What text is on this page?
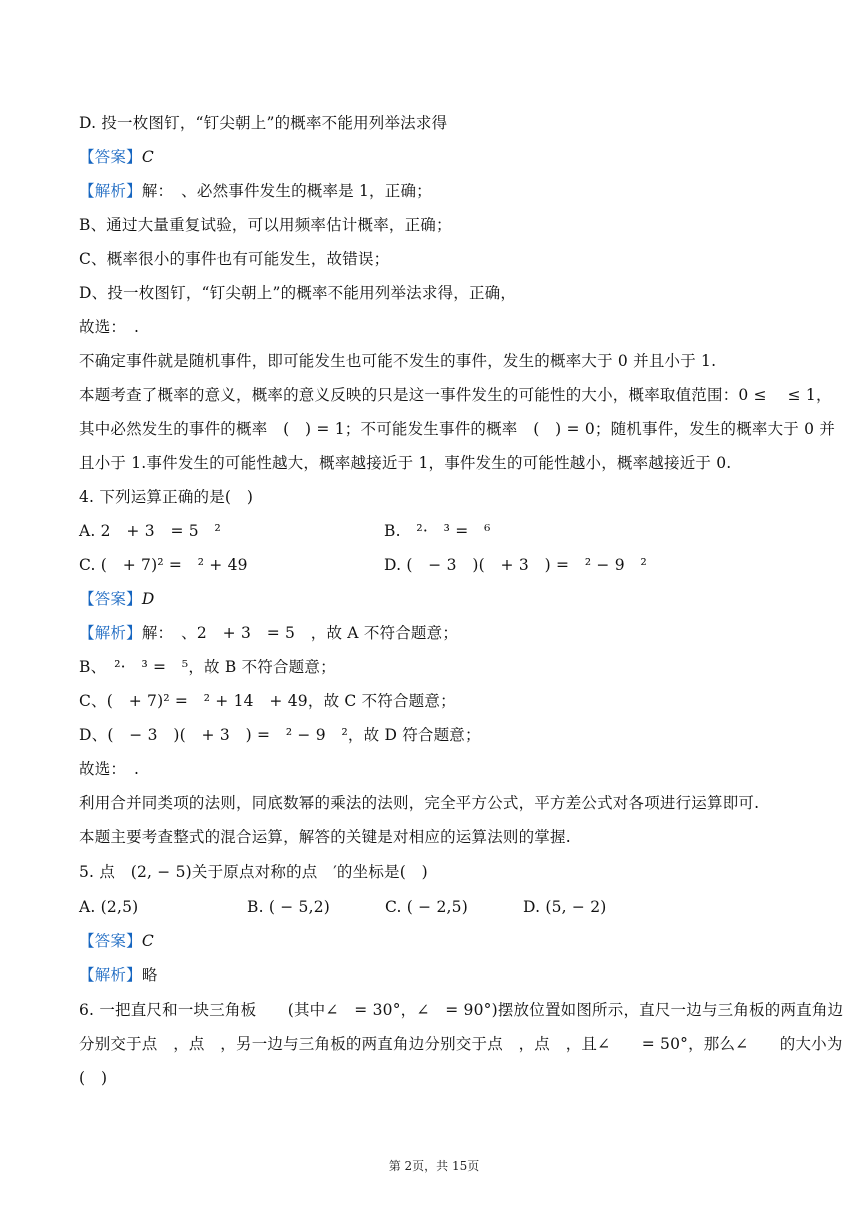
D. 投一枚图钉，“钉尖朝上”的概率不能用列举法求得
【答案】C
【解析】解：　、必然事件发生的概率是 1，正确；
B、通过大量重复试验，可以用频率估计概率，正确；
C、概率很小的事件也有可能发生，故错误；
D、投一枚图钉，“钉尖朝上”的概率不能用列举法求得，正确，
故选：　.
不确定事件就是随机事件，即可能发生也可能不发生的事件，发生的概率大于 0 并且小于 1.
本题考查了概率的意义，概率的意义反映的只是这一事件发生的可能性的大小，概率取值范围：0 ≤　 ≤ 1，
其中必然发生的事件的概率　(　) = 1；不可能发生事件的概率　(　) = 0；随机事件，发生的概率大于 0 并
且小于 1.事件发生的可能性越大，概率越接近于 1，事件发生的可能性越小，概率越接近于 0.
4. 下列运算正确的是(　)
A. 2　+ 3　= 5　²	B.　²·　³ =　⁶
C. (　+ 7)² =　² + 49	D. (　− 3　)(　+ 3　) =　² − 9　²
【答案】D
【解析】解：　、2　+ 3　= 5　，故 A 不符合题意；
B、　²·　³ =　⁵，故 B 不符合题意；
C、(　+ 7)² =　² + 14　+ 49，故 C 不符合题意；
D、(　− 3　)(　+ 3　) =　² − 9　²，故 D 符合题意；
故选：　.
利用合并同类项的法则，同底数幂的乘法的法则，完全平方公式，平方差公式对各项进行运算即可.
本题主要考查整式的混合运算，解答的关键是对相应的运算法则的掌握.
5. 点　(2, − 5)关于原点对称的点　′的坐标是(　)
A. (2,5)	B. ( − 5,2)	C. ( − 2,5)	D. (5, − 2)
【答案】C
【解析】略
6. 一把直尺和一块三角板　　(其中∠　= 30°，∠　= 90°)摆放位置如图所示，直尺一边与三角板的两直角边
分别交于点　，点　，另一边与三角板的两直角边分别交于点　，点　，且∠　　= 50°，那么∠　　的大小为
(　)
第 2页，共 15页
